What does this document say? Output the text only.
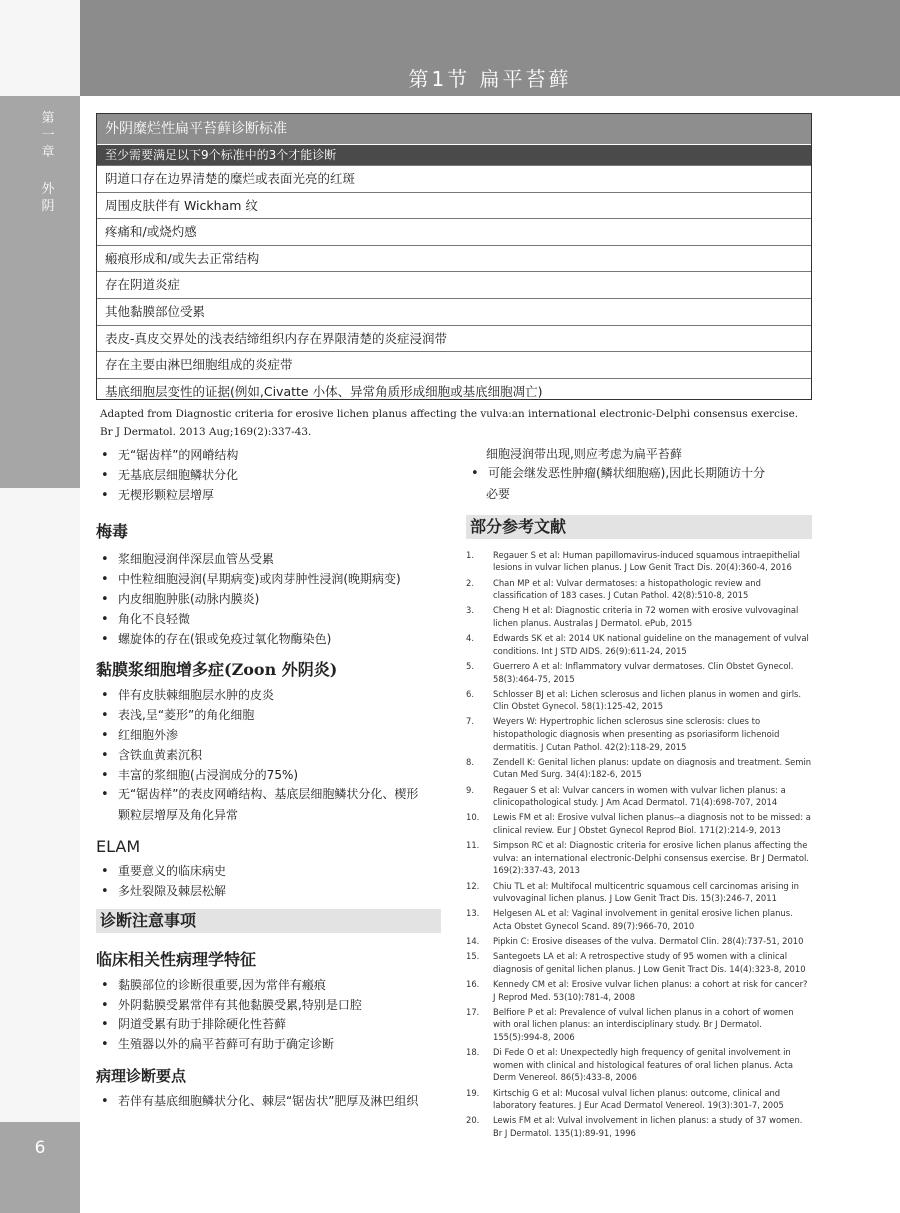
第1节 扁平苔藓
第
一
章
外
阴
6
外阴糜烂性扁平苔藓诊断标准
至少需要满足以下9个标准中的3个才能诊断
阴道口存在边界清楚的糜烂或表面光亮的红斑
周围皮肤伴有 Wickham 纹
疼痛和/或烧灼感
瘢痕形成和/或失去正常结构
存在阴道炎症
其他黏膜部位受累
表皮-真皮交界处的浅表结缔组织内存在界限清楚的炎症浸润带
存在主要由淋巴细胞组成的炎症带
基底细胞层变性的证据(例如,Civatte 小体、异常角质形成细胞或基底细胞凋亡)
Adapted from Diagnostic criteria for erosive lichen planus affecting the vulva:an international electronic-Delphi consensus exercise. Br J Dermatol. 2013 Aug;169(2):337-43.
• 无“锯齿样”的网嵴结构
• 无基底层细胞鳞状分化
• 无楔形颗粒层增厚
梅毒
• 浆细胞浸润伴深层血管丛受累
• 中性粒细胞浸润(早期病变)或肉芽肿性浸润(晚期病变)
• 内皮细胞肿胀(动脉内膜炎)
• 角化不良轻微
• 螺旋体的存在(银或免疫过氧化物酶染色)
黏膜浆细胞增多症(Zoon 外阴炎)
• 伴有皮肤棘细胞层水肿的皮炎
• 表浅,呈“菱形”的角化细胞
• 红细胞外渗
• 含铁血黄素沉积
• 丰富的浆细胞(占浸润成分的75%)
• 无“锯齿样”的表皮网嵴结构、基底层细胞鳞状分化、楔形
颗粒层增厚及角化异常
ELAM
• 重要意义的临床病史
• 多灶裂隙及棘层松解
诊断注意事项
临床相关性病理学特征
• 黏膜部位的诊断很重要,因为常伴有瘢痕
• 外阴黏膜受累常伴有其他黏膜受累,特别是口腔
• 阴道受累有助于排除硬化性苔藓
• 生殖器以外的扁平苔藓可有助于确定诊断
病理诊断要点
• 若伴有基底细胞鳞状分化、棘层“锯齿状”肥厚及淋巴组织
细胞浸润带出现,则应考虑为扁平苔藓
• 可能会继发恶性肿瘤(鳞状细胞癌),因此长期随访十分
必要
部分参考文献
1. Regauer S et al: Human papillomavirus-induced squamous intraepithelial lesions in vulvar lichen planus. J Low Genit Tract Dis. 20(4):360-4, 2016
2. Chan MP et al: Vulvar dermatoses: a histopathologic review and classification of 183 cases. J Cutan Pathol. 42(8):510-8, 2015
3. Cheng H et al: Diagnostic criteria in 72 women with erosive vulvovaginal lichen planus. Australas J Dermatol. ePub, 2015
4. Edwards SK et al: 2014 UK national guideline on the management of vulval conditions. Int J STD AIDS. 26(9):611-24, 2015
5. Guerrero A et al: Inflammatory vulvar dermatoses. Clin Obstet Gynecol. 58(3):464-75, 2015
6. Schlosser BJ et al: Lichen sclerosus and lichen planus in women and girls. Clin Obstet Gynecol. 58(1):125-42, 2015
7. Weyers W: Hypertrophic lichen sclerosus sine sclerosis: clues to histopathologic diagnosis when presenting as psoriasiform lichenoid dermatitis. J Cutan Pathol. 42(2):118-29, 2015
8. Zendell K: Genital lichen planus: update on diagnosis and treatment. Semin Cutan Med Surg. 34(4):182-6, 2015
9. Regauer S et al: Vulvar cancers in women with vulvar lichen planus: a clinicopathological study. J Am Acad Dermatol. 71(4):698-707, 2014
10. Lewis FM et al: Erosive vulval lichen planus--a diagnosis not to be missed: a clinical review. Eur J Obstet Gynecol Reprod Biol. 171(2):214-9, 2013
11. Simpson RC et al: Diagnostic criteria for erosive lichen planus affecting the vulva: an international electronic-Delphi consensus exercise. Br J Dermatol. 169(2):337-43, 2013
12. Chiu TL et al: Multifocal multicentric squamous cell carcinomas arising in vulvovaginal lichen planus. J Low Genit Tract Dis. 15(3):246-7, 2011
13. Helgesen AL et al: Vaginal involvement in genital erosive lichen planus. Acta Obstet Gynecol Scand. 89(7):966-70, 2010
14. Pipkin C: Erosive diseases of the vulva. Dermatol Clin. 28(4):737-51, 2010
15. Santegoets LA et al: A retrospective study of 95 women with a clinical diagnosis of genital lichen planus. J Low Genit Tract Dis. 14(4):323-8, 2010
16. Kennedy CM et al: Erosive vulvar lichen planus: a cohort at risk for cancer? J Reprod Med. 53(10):781-4, 2008
17. Belfiore P et al: Prevalence of vulval lichen planus in a cohort of women with oral lichen planus: an interdisciplinary study. Br J Dermatol. 155(5):994-8, 2006
18. Di Fede O et al: Unexpectedly high frequency of genital involvement in women with clinical and histological features of oral lichen planus. Acta Derm Venereol. 86(5):433-8, 2006
19. Kirtschig G et al: Mucosal vulval lichen planus: outcome, clinical and laboratory features. J Eur Acad Dermatol Venereol. 19(3):301-7, 2005
20. Lewis FM et al: Vulval involvement in lichen planus: a study of 37 women. Br J Dermatol. 135(1):89-91, 1996
